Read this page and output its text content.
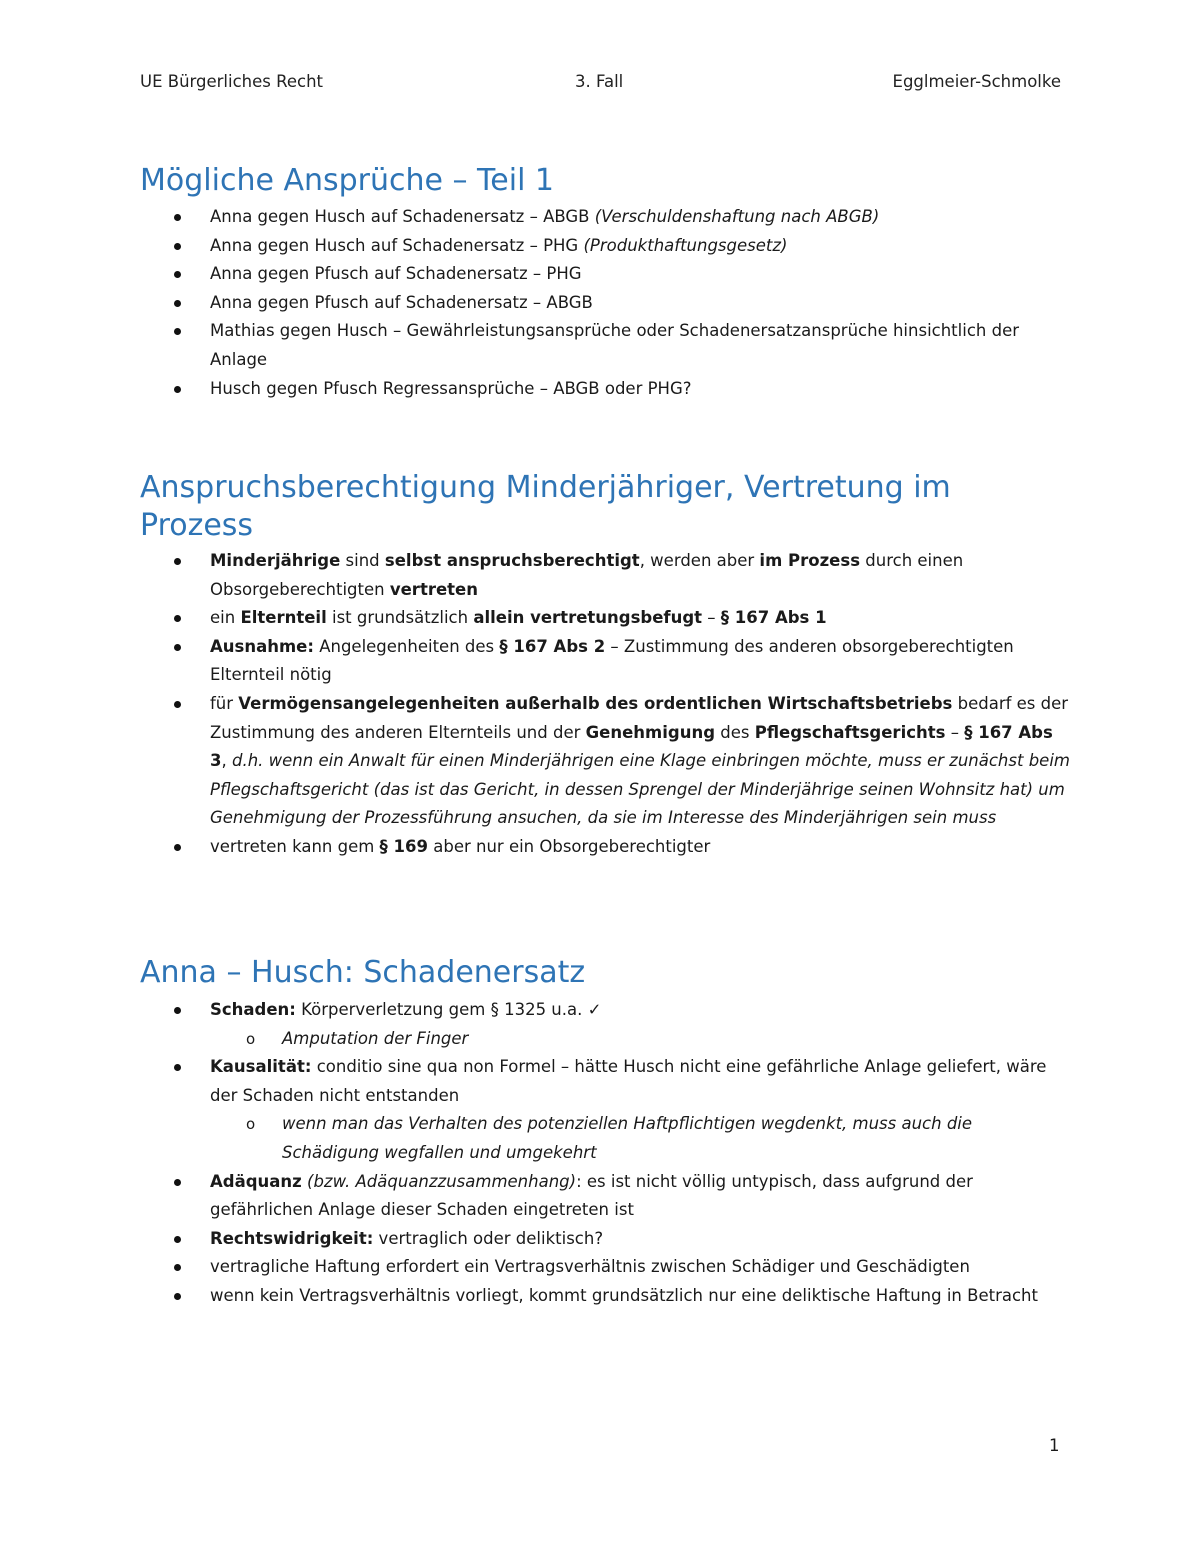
UE Bürgerliches Recht	3. Fall	Egglmeier-Schmolke
Mögliche Ansprüche – Teil 1
Anna gegen Husch auf Schadenersatz – ABGB (Verschuldenshaftung nach ABGB)
Anna gegen Husch auf Schadenersatz – PHG (Produkthaftungsgesetz)
Anna gegen Pfusch auf Schadenersatz – PHG
Anna gegen Pfusch auf Schadenersatz – ABGB
Mathias gegen Husch – Gewährleistungsansprüche oder Schadenersatzansprüche hinsichtlich der Anlage
Husch gegen Pfusch Regressansprüche – ABGB oder PHG?
Anspruchsberechtigung Minderjähriger, Vertretung im Prozess
Minderjährige sind selbst anspruchsberechtigt, werden aber im Prozess durch einen Obsorgeberechtigten vertreten
ein Elternteil ist grundsätzlich allein vertretungsbefugt – § 167 Abs 1
Ausnahme: Angelegenheiten des § 167 Abs 2 – Zustimmung des anderen obsorgeberechtigten Elternteil nötig
für Vermögensangelegenheiten außerhalb des ordentlichen Wirtschaftsbetriebs bedarf es der Zustimmung des anderen Elternteils und der Genehmigung des Pflegschaftsgerichts – § 167 Abs 3, d.h. wenn ein Anwalt für einen Minderjährigen eine Klage einbringen möchte, muss er zunächst beim Pflegschaftsgericht (das ist das Gericht, in dessen Sprengel der Minderjährige seinen Wohnsitz hat) um Genehmigung der Prozessführung ansuchen, da sie im Interesse des Minderjährigen sein muss
vertreten kann gem § 169 aber nur ein Obsorgeberechtigter
Anna – Husch: Schadenersatz
Schaden: Körperverletzung gem § 1325 u.a. ✓
o Amputation der Finger
Kausalität: conditio sine qua non Formel – hätte Husch nicht eine gefährliche Anlage geliefert, wäre der Schaden nicht entstanden
o wenn man das Verhalten des potenziellen Haftpflichtigen wegdenkt, muss auch die Schädigung wegfallen und umgekehrt
Adäquanz (bzw. Adäquanzzusammenhang): es ist nicht völlig untypisch, dass aufgrund der gefährlichen Anlage dieser Schaden eingetreten ist
Rechtswidrigkeit: vertraglich oder deliktisch?
vertragliche Haftung erfordert ein Vertragsverhältnis zwischen Schädiger und Geschädigten
wenn kein Vertragsverhältnis vorliegt, kommt grundsätzlich nur eine deliktische Haftung in Betracht
1
